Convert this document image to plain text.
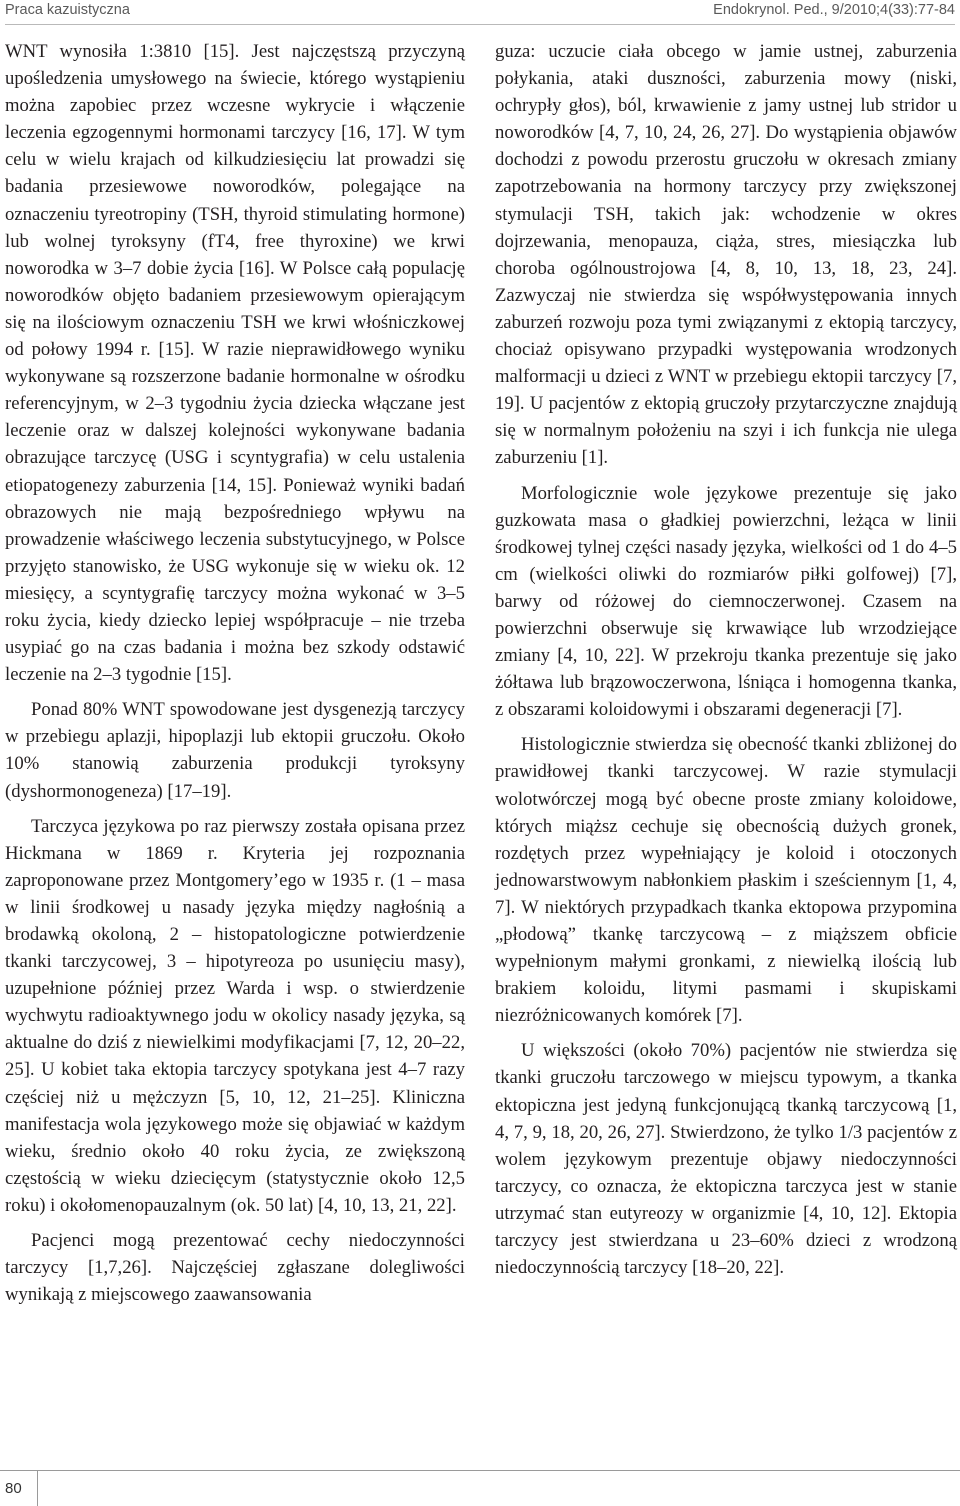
Praca kazuistyczna	Endokrynol. Ped., 9/2010;4(33):77-84

WNT wynosiła 1:3810 [15]. Jest najczęstszą przyczyną upośledzenia umysłowego na świecie, którego wystąpieniu można zapobiec przez wczesne wykrycie i włączenie leczenia egzogennymi hormonami tarczycy [16, 17]. W tym celu w wielu krajach od kilkudziesięciu lat prowadzi się badania przesiewowe noworodków, polegające na oznaczeniu tyreotropiny (TSH, thyroid stimulating hormone) lub wolnej tyroksyny (fT4, free thyroxine) we krwi noworodka w 3–7 dobie życia [16]. W Polsce całą populację noworodków objęto badaniem przesiewowym opierającym się na ilościowym oznaczeniu TSH we krwi włośniczkowej od połowy 1994 r. [15]. W razie nieprawidłowego wyniku wykonywane są rozszerzone badanie hormonalne w ośrodku referencyjnym, w 2–3 tygodniu życia dziecka włączane jest leczenie oraz w dalszej kolejności wykonywane badania obrazujące tarczycę (USG i scyntygrafia) w celu ustalenia etiopatogenezy zaburzenia [14, 15]. Ponieważ wyniki badań obrazowych nie mają bezpośredniego wpływu na prowadzenie właściwego leczenia substytucyjnego, w Polsce przyjęto stanowisko, że USG wykonuje się w wieku ok. 12 miesięcy, a scyntygrafię tarczycy można wykonać w 3–5 roku życia, kiedy dziecko lepiej współpracuje – nie trzeba usypiać go na czas badania i można bez szkody odstawić leczenie na 2–3 tygodnie [15].

Ponad 80% WNT spowodowane jest dysgenezją tarczycy w przebiegu aplazji, hipoplazji lub ektopii gruczołu. Około 10% stanowią zaburzenia produkcji tyroksyny (dyshormonogeneza) [17–19].

Tarczyca językowa po raz pierwszy została opisana przez Hickmana w 1869 r. Kryteria jej rozpoznania zaproponowane przez Montgomery’ego w 1935 r. (1 – masa w linii środkowej u nasady języka między nagłośnią a brodawką okoloną, 2 – histopatologiczne potwierdzenie tkanki tarczycowej, 3 – hipotyreoza po usunięciu masy), uzupełnione później przez Warda i wsp. o stwierdzenie wychwytu radioaktywnego jodu w okolicy nasady języka, są aktualne do dziś z niewielkimi modyfikacjami [7, 12, 20–22, 25]. U kobiet taka ektopia tarczycy spotykana jest 4–7 razy częściej niż u mężczyzn [5, 10, 12, 21–25]. Kliniczna manifestacja wola językowego może się objawiać w każdym wieku, średnio około 40 roku życia, ze zwiększoną częstością w wieku dziecięcym (statystycznie około 12,5 roku) i okołomenopauzalnym (ok. 50 lat) [4, 10, 13, 21, 22].

Pacjenci mogą prezentować cechy niedoczynności tarczycy [1,7,26]. Najczęściej zgłaszane dolegliwości wynikają z miejscowego zaawansowania

guza: uczucie ciała obcego w jamie ustnej, zaburzenia połykania, ataki duszności, zaburzenia mowy (niski, ochrypły głos), ból, krwawienie z jamy ustnej lub stridor u noworodków [4, 7, 10, 24, 26, 27]. Do wystąpienia objawów dochodzi z powodu przerostu gruczołu w okresach zmiany zapotrzebowania na hormony tarczycy przy zwiększonej stymulacji TSH, takich jak: wchodzenie w okres dojrzewania, menopauza, ciąża, stres, miesiączka lub choroba ogólnoustrojowa [4, 8, 10, 13, 18, 23, 24]. Zazwyczaj nie stwierdza się współwystępowania innych zaburzeń rozwoju poza tymi związanymi z ektopią tarczycy, chociaż opisywano przypadki występowania wrodzonych malformacji u dzieci z WNT w przebiegu ektopii tarczycy [7, 19]. U pacjentów z ektopią gruczoły przytarczyczne znajdują się w normalnym położeniu na szyi i ich funkcja nie ulega zaburzeniu [1].

Morfologicznie wole językowe prezentuje się jako guzkowata masa o gładkiej powierzchni, leżąca w linii środkowej tylnej części nasady języka, wielkości od 1 do 4–5 cm (wielkości oliwki do rozmiarów piłki golfowej) [7], barwy od różowej do ciemnoczerwonej. Czasem na powierzchni obserwuje się krwawiące lub wrzodziejące zmiany [4, 10, 22]. W przekroju tkanka prezentuje się jako żółtawa lub brązowoczerwona, lśniąca i homogenna tkanka, z obszarami koloidowymi i obszarami degeneracji [7].

Histologicznie stwierdza się obecność tkanki zbliżonej do prawidłowej tkanki tarczycowej. W razie stymulacji wolotwórczej mogą być obecne proste zmiany koloidowe, których miąższ cechuje się obecnością dużych gronek, rozdętych przez wypełniający je koloid i otoczonych jednowarstwowym nabłonkiem płaskim i sześciennym [1, 4, 7]. W niektórych przypadkach tkanka ektopowa przypomina „płodową” tkankę tarczycową – z miąższem obficie wypełnionym małymi gronkami, z niewielką ilością lub brakiem koloidu, litymi pasmami i skupiskami niezróżnicowanych komórek [7].

U większości (około 70%) pacjentów nie stwierdza się tkanki gruczołu tarczowego w miejscu typowym, a tkanka ektopiczna jest jedyną funkcjonującą tkanką tarczycową [1, 4, 7, 9, 18, 20, 26, 27]. Stwierdzono, że tylko 1/3 pacjentów z wolem językowym prezentuje objawy niedoczynności tarczycy, co oznacza, że ektopiczna tarczyca jest w stanie utrzymać stan eutyreozy w organizmie [4, 10, 12]. Ektopia tarczycy jest stwierdzana u 23–60% dzieci z wrodzoną niedoczynnością tarczycy [18–20, 22].

80
